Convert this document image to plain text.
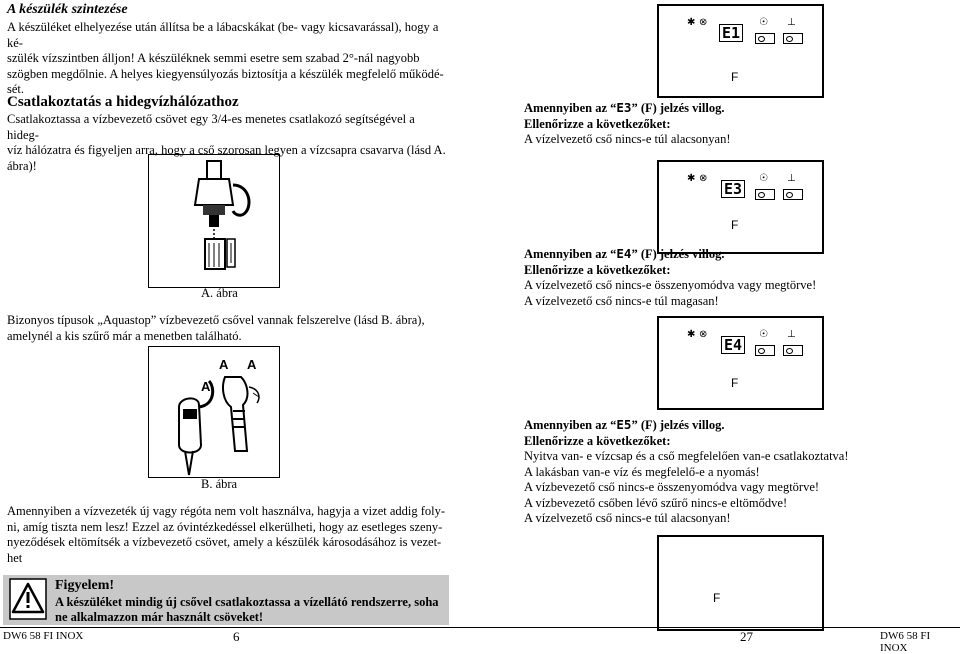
A készülék szintezése

A készüléket elhelyezése után állítsa be a lábacskákat (be- vagy kicsavarással), hogy a ké-

szülék vízszintben álljon! A készüléknek semmi esetre sem szabad 2°-nál nagyobb

szögben megdőlnie. A helyes kiegyensúlyozás biztosítja a készülék megfelelő működé-

sét.

Csatlakoztatás a hidegvízhálózathoz

Csatlakoztassa a vízbevezető csövet egy 3/4-es menetes csatlakozó segítségével a hideg-

víz hálózatra és figyeljen arra, hogy a cső szorosan legyen a vízcsapra csavarva (lásd A.

ábra)!

A. ábra

Bizonyos típusok „Aquastop” vízbevezető csővel vannak felszerelve (lásd B. ábra),

amelynél a kis szűrő már a menetben található.

A
A
A
B. ábra

Amennyiben a vízvezeték új vagy régóta nem volt használva, hagyja a vizet addig foly-

ni, amíg tiszta nem lesz! Ezzel az óvintézkedéssel elkerülheti, hogy az esetleges szeny-

nyeződések eltömítsék a vízbevezető csövet, amely a készülék károsodásához is vezet-

het

Figyelem!
A készüléket mindig új csővel csatlakoztassa a vízellátó rendszerre, soha
ne alkalmazzon már használt csöveket!
✱ ⊗
E1
☉ ⊥
F
✱ ⊗
E3
☉ ⊥
F
✱ ⊗
E4
☉ ⊥
F
F

Amennyiben az “E3” (F) jelzés villog.

Ellenőrizze a következőket:

A vízelvezető cső nincs-e túl alacsonyan!

Amennyiben az “E4” (F) jelzés villog.

Ellenőrizze a következőket:

A vízelvezető cső nincs-e összenyomódva vagy megtörve!

A vízelvezető cső nincs-e túl magasan!

Amennyiben az “E5” (F) jelzés villog.

Ellenőrizze a következőket:

Nyitva van- e vízcsap és a cső megfelelően van-e csatlakoztatva!

A lakásban van-e víz és megfelelő-e a nyomás!

A vízbevezető cső nincs-e összenyomódva vagy megtörve!

A vízbevezető csőben lévő szűrő nincs-e eltömődve!

A vízelvezető cső nincs-e túl alacsonyan!

DW6 58 FI INOX	6	27	DW6 58 FI INOX
